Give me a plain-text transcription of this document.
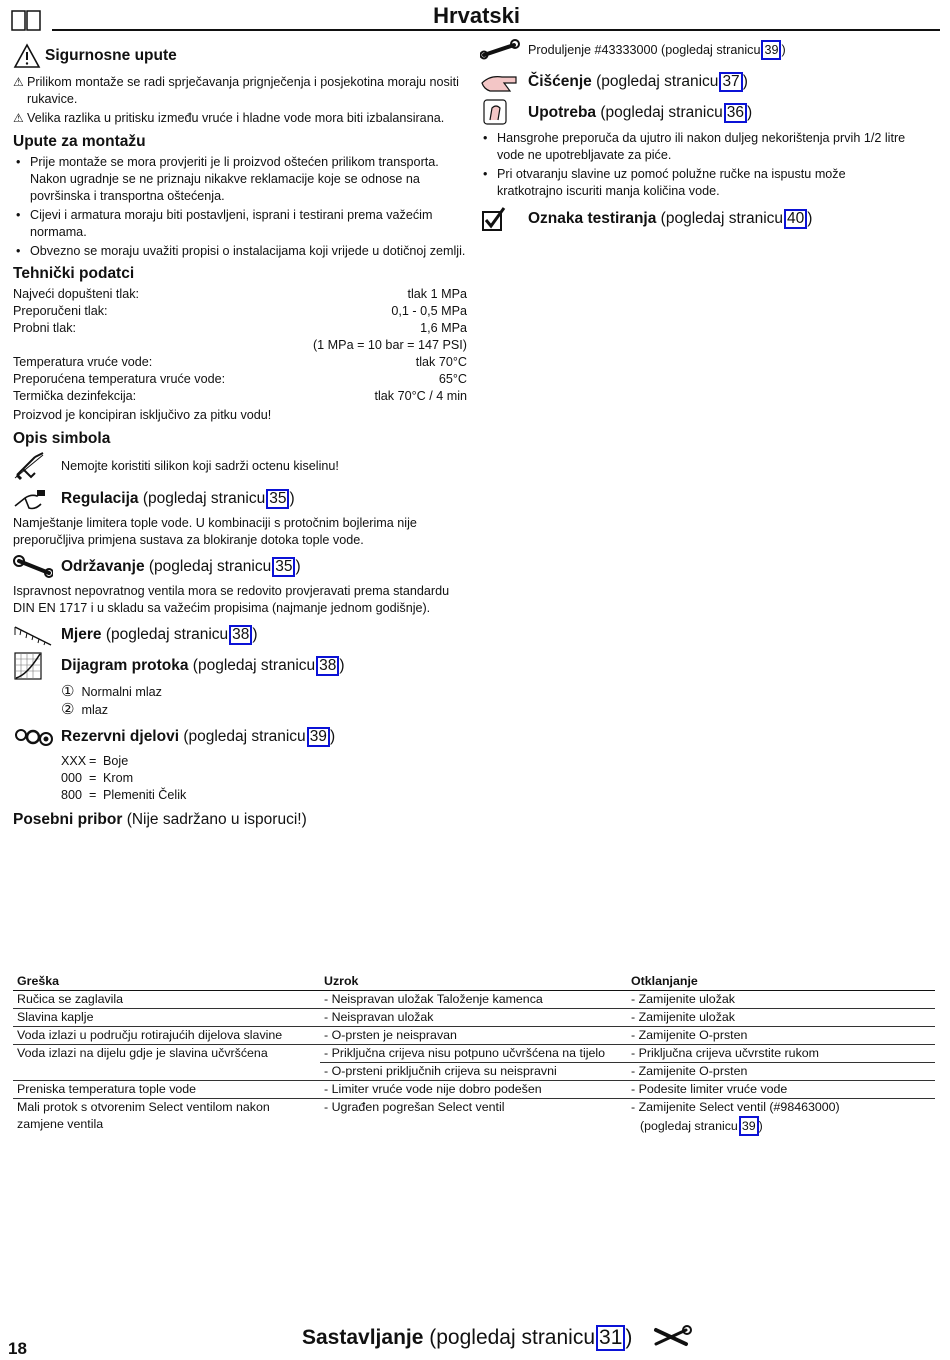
Hrvatski
Sigurnosne upute
⚠ Prilikom montaže se radi sprječavanja prignječenja i posjekotina moraju nositi rukavice.
⚠ Velika razlika u pritisku između vruće i hladne vode mora biti izbalansirana.
Upute za montažu
• Prije montaže se mora provjeriti je li proizvod oštećen prilikom transporta. Nakon ugradnje se ne priznaju nikakve reklamacije koje se odnose na površinska i transportna oštećenja.
• Cijevi i armatura moraju biti postavljeni, isprani i testirani prema važećim normama.
• Obvezno se moraju uvažiti propisi o instalacijama koji vrijede u dotičnoj zemlji.
Tehnički podatci
Najveći dopušteni tlak:	tlak 1 MPa
Preporučeni tlak:	0,1 - 0,5 MPa
Probni tlak:	1,6 MPa
(1 MPa = 10 bar = 147 PSI)
Temperatura vruće vode:	tlak 70°C
Preporućena temperatura vruće vode:	65°C
Termička dezinfekcija:	tlak 70°C / 4 min
Proizvod je koncipiran isključivo za pitku vodu!
Opis simbola
Nemojte koristiti silikon koji sadrži octenu kiselinu!
Regulacija (pogledaj stranicu 35 )
Namještanje limitera tople vode. U kombinaciji s protočnim bojlerima nije preporučljiva primjena sustava za blokiranje dotoka tople vode.
Održavanje (pogledaj stranicu 35 )
Ispravnost nepovratnog ventila mora se redovito provjeravati prema standardu DIN EN 1717 i u skladu sa važećim propisima (najmanje jednom godišnje).
Mjere (pogledaj stranicu 38 )
Dijagram protoka (pogledaj stranicu 38 )
① Normalni mlaz
② mlaz
Rezervni djelovi (pogledaj stranicu 39 )
XXX = Boje
000 = Krom
800 = Plemeniti Čelik
Posebni pribor (Nije sadržano u isporuci!)
Produljenje #43333000 (pogledaj stranicu 39 )
Čišćenje (pogledaj stranicu 37 )
Upotreba (pogledaj stranicu 36 )
• Hansgrohe preporuča da ujutro ili nakon duljeg nekorištenja prvih 1/2 litre vode ne upotrebljavate za piće.
• Pri otvaranju slavine uz pomoć polužne ručke na ispustu može kratkotrajno iscuriti manja količina vode.
Oznaka testiranja (pogledaj stranicu 40 )
Greška	Uzrok	Otklanjanje
Ručica se zaglavila	- Neispravan uložak Taloženje kamenca	- Zamijenite uložak
Slavina kaplje	- Neispravan uložak	- Zamijenite uložak
Voda izlazi u području rotirajućih dijelova slavine	- O-prsten je neispravan	- Zamijenite O-prsten
Voda izlazi na dijelu gdje je slavina učvršćena	- Priključna crijeva nisu potpuno učvršćena na tijelo	- Priključna crijeva učvrstite rukom
	- O-prsteni priključnih crijeva su neispravni	- Zamijenite O-prsten
Preniska temperatura tople vode	- Limiter vruće vode nije dobro podešen	- Podesite limiter vruće vode
Mali protok s otvorenim Select ventilom nakon zamjene ventila	- Ugrađen pogrešan Select ventil	- Zamijenite Select ventil (#98463000)
(pogledaj stranicu 39 )
18	Sastavljanje (pogledaj stranicu 31 )
